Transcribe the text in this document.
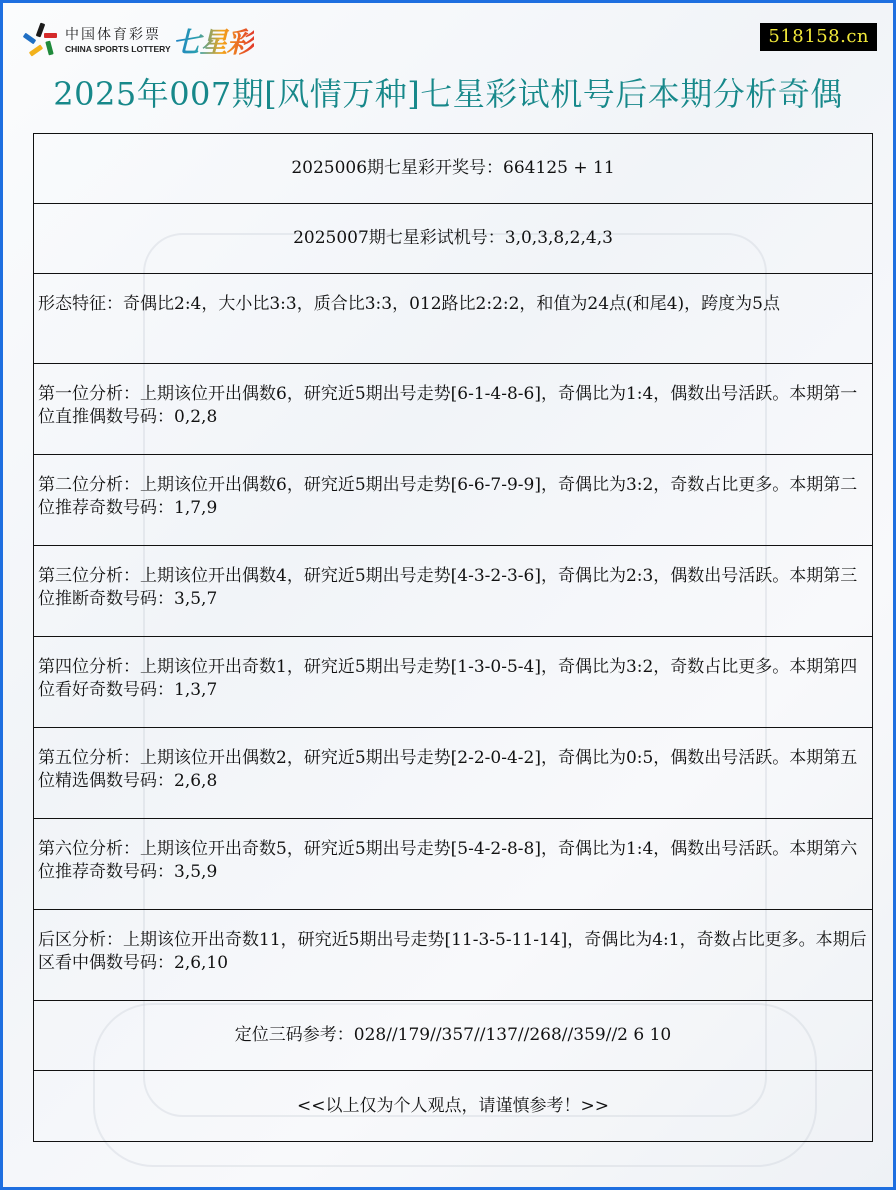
中国体育彩票
CHINA SPORTS LOTTERY 七星彩	518158.cn
2025年007期[风情万种]七星彩试机号后本期分析奇偶
2025006期七星彩开奖号：664125 + 11
2025007期七星彩试机号：3,0,3,8,2,4,3
形态特征：奇偶比2:4，大小比3:3，质合比3:3，012路比2:2:2，和值为24点(和尾4)，跨度为5点
第一位分析：上期该位开出偶数6，研究近5期出号走势[6-1-4-8-6]，奇偶比为1:4，偶数出号活跃。本期第一位直推偶数号码：0,2,8
第二位分析：上期该位开出偶数6，研究近5期出号走势[6-6-7-9-9]，奇偶比为3:2，奇数占比更多。本期第二位推荐奇数号码：1,7,9
第三位分析：上期该位开出偶数4，研究近5期出号走势[4-3-2-3-6]，奇偶比为2:3，偶数出号活跃。本期第三位推断奇数号码：3,5,7
第四位分析：上期该位开出奇数1，研究近5期出号走势[1-3-0-5-4]，奇偶比为3:2，奇数占比更多。本期第四位看好奇数号码：1,3,7
第五位分析：上期该位开出偶数2，研究近5期出号走势[2-2-0-4-2]，奇偶比为0:5，偶数出号活跃。本期第五位精选偶数号码：2,6,8
第六位分析：上期该位开出奇数5，研究近5期出号走势[5-4-2-8-8]，奇偶比为1:4，偶数出号活跃。本期第六位推荐奇数号码：3,5,9
后区分析：上期该位开出奇数11，研究近5期出号走势[11-3-5-11-14]，奇偶比为4:1，奇数占比更多。本期后区看中偶数号码：2,6,10
定位三码参考：028//179//357//137//268//359//2 6 10
<<以上仅为个人观点，请谨慎参考！>>
